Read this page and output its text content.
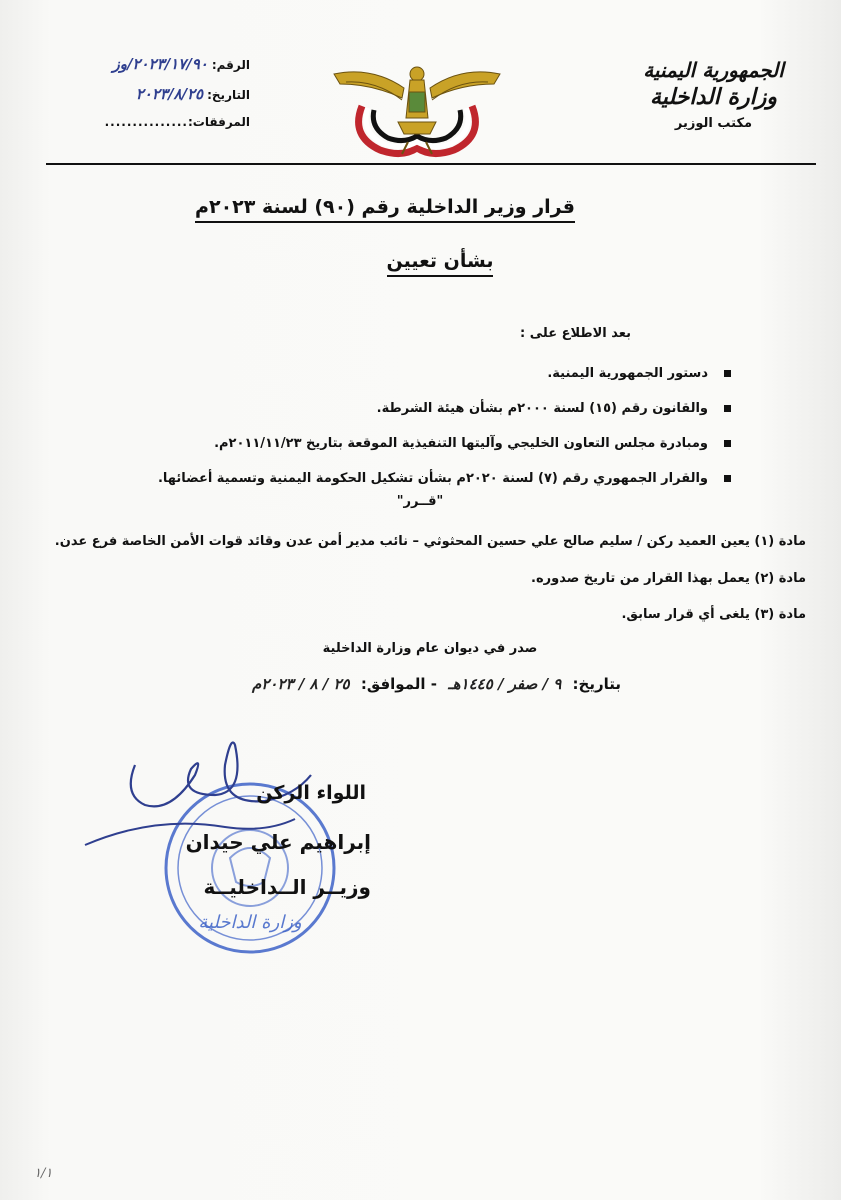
الجمهورية اليمنية
وزارة الداخلية
مكتب الوزير
الرقم:
٢٠٢٣/١٧/٩٠/وز
التاريخ:
٢٠٢٣/٨/٢٥
المرفقات:
...............
قرار وزير الداخلية رقم (٩٠) لسنة ٢٠٢٣م
بشأن تعيين
بعد الاطلاع على :
دستور الجمهورية اليمنية.
والقانون رقم (١٥) لسنة ٢٠٠٠م بشأن هيئة الشرطة.
ومبادرة مجلس التعاون الخليجي وآليتها التنفيذية الموقعة بتاريخ ٢٠١١/١١/٢٣م.
والقرار الجمهوري رقم (٧) لسنة ٢٠٢٠م بشأن تشكيل الحكومة اليمنية وتسمية أعضائها.
"قــرر"
مادة (١) يعين العميد ركن / سليم صالح علي حسين المحثوثي – نائب مدير أمن عدن وقائد قوات الأمن الخاصة فرع عدن.
مادة (٢) يعمل بهذا القرار من تاريخ صدوره.
مادة (٣) يلغى أي قرار سابق.
صدر في ديوان عام وزارة الداخلية
بتاريخ: ٩ / صفر / ١٤٤٥هـ - الموافق: ٢٥ / ٨ / ٢٠٢٣م
وزارة الداخلية
اللواء الركن
إبراهيم علي حيدان
وزيــر الــداخليــة
١/١
